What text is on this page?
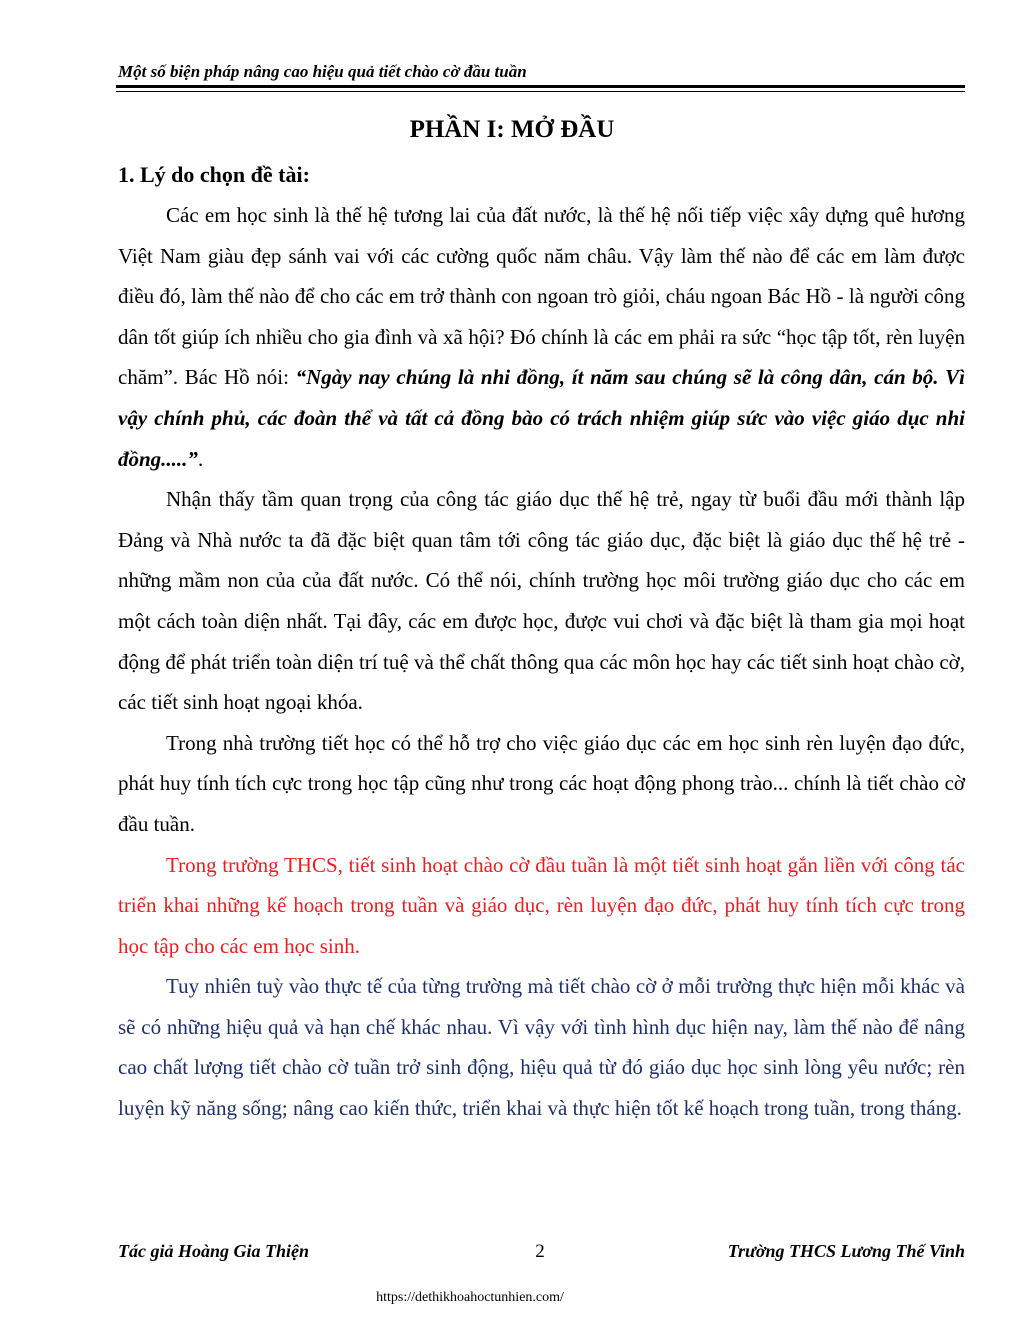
Một số biện pháp nâng cao hiệu quả tiết chào cờ đầu tuần
PHẦN I: MỞ ĐẦU
1. Lý do chọn đề tài:

Các em học sinh là thế hệ tương lai của đất nước, là thế hệ nối tiếp việc xây dựng quê hương Việt Nam giàu đẹp sánh vai với các cường quốc năm châu. Vậy làm thế nào để các em làm được điều đó, làm thế nào để cho các em trở thành con ngoan trò giỏi, cháu ngoan Bác Hồ - là người công dân tốt giúp ích nhiều cho gia đình và xã hội? Đó chính là các em phải ra sức “học tập tốt, rèn luyện chăm”. Bác Hồ nói: “Ngày nay chúng là nhi đồng, ít năm sau chúng sẽ là công dân, cán bộ. Vì vậy chính phủ, các đoàn thể và tất cả đồng bào có trách nhiệm giúp sức vào việc giáo dục nhi đồng.....”.

Nhận thấy tầm quan trọng của công tác giáo dục thế hệ trẻ, ngay từ buổi đầu mới thành lập Đảng và Nhà nước ta đã đặc biệt quan tâm tới công tác giáo dục, đặc biệt là giáo dục thế hệ trẻ - những mầm non của của đất nước. Có thể nói, chính trường học môi trường giáo dục cho các em một cách toàn diện nhất. Tại đây, các em được học, được vui chơi và đặc biệt là tham gia mọi hoạt động để phát triển toàn diện trí tuệ và thể chất thông qua các môn học hay các tiết sinh hoạt chào cờ, các tiết sinh hoạt ngoại khóa.

Trong nhà trường tiết học có thể hỗ trợ cho việc giáo dục các em học sinh rèn luyện đạo đức, phát huy tính tích cực trong học tập cũng như trong các hoạt động phong trào... chính là tiết chào cờ đầu tuần.

Trong trường THCS, tiết sinh hoạt chào cờ đầu tuần là một tiết sinh hoạt gắn liền với công tác triển khai những kế hoạch trong tuần và giáo dục, rèn luyện đạo đức, phát huy tính tích cực trong học tập cho các em học sinh.

Tuy nhiên tuỳ vào thực tế của từng trường mà tiết chào cờ ở mỗi trường thực hiện mỗi khác và sẽ có những hiệu quả và hạn chế khác nhau. Vì vậy với tình hình dục hiện nay, làm thế nào để nâng cao chất lượng tiết chào cờ tuần trở sinh động, hiệu quả từ đó giáo dục học sinh lòng yêu nước; rèn luyện kỹ năng sống; nâng cao kiến thức, triển khai và thực hiện tốt kế hoạch trong tuần, trong tháng.

Tác giả Hoàng Gia Thiện	2	Trường THCS Lương Thế Vinh
https://dethikhoahoctunhien.com/
